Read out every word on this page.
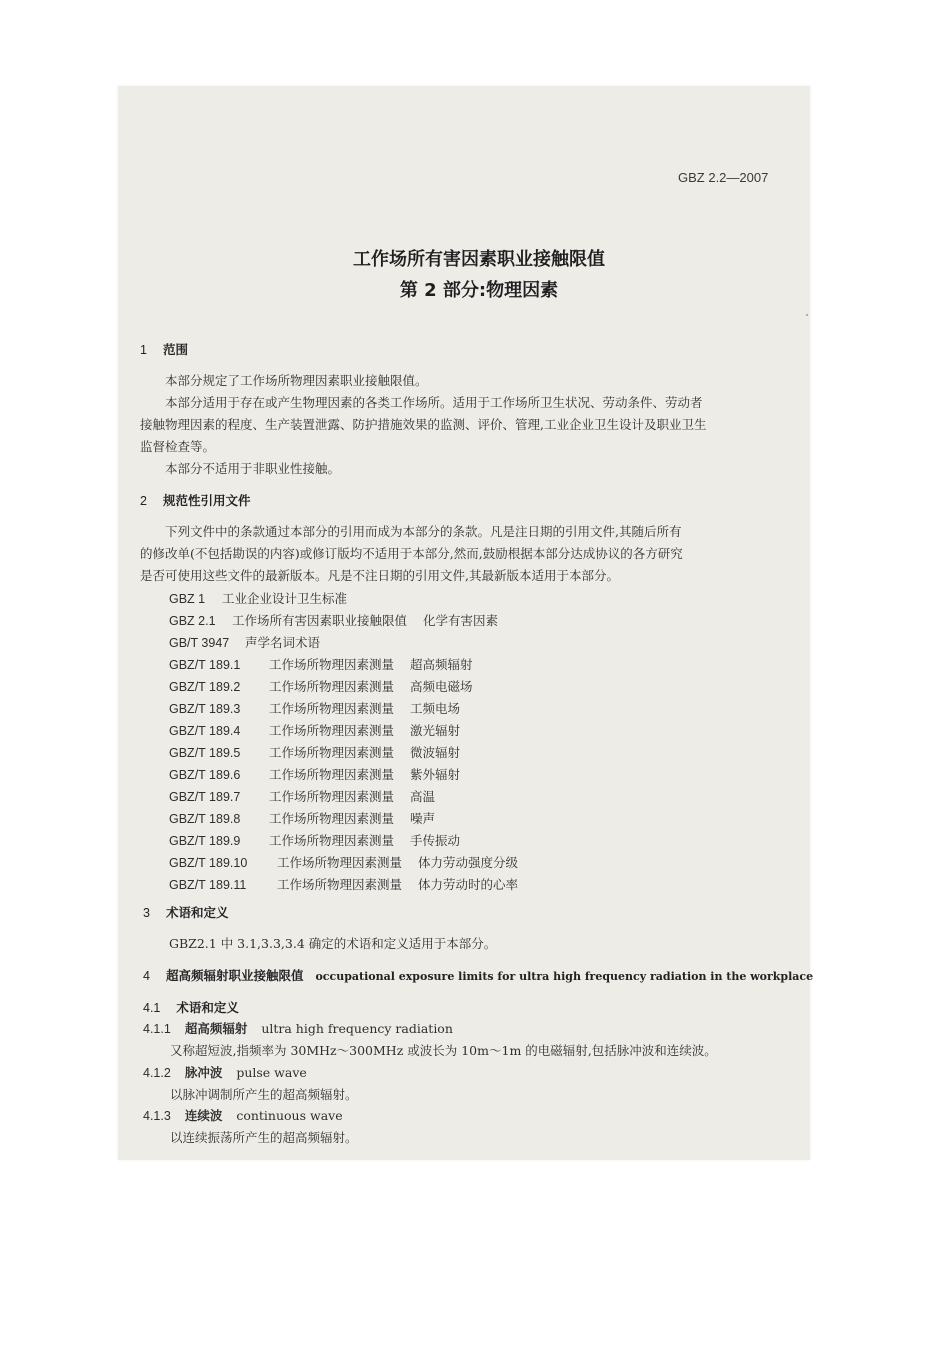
GBZ 2.2—2007
工作场所有害因素职业接触限值
第 2 部分:物理因素
1 范围
本部分规定了工作场所物理因素职业接触限值。
本部分适用于存在或产生物理因素的各类工作场所。适用于工作场所卫生状况、劳动条件、劳动者
接触物理因素的程度、生产装置泄露、防护措施效果的监测、评价、管理,工业企业卫生设计及职业卫生
监督检查等。
本部分不适用于非职业性接触。
2 规范性引用文件
下列文件中的条款通过本部分的引用而成为本部分的条款。凡是注日期的引用文件,其随后所有
的修改单(不包括勘误的内容)或修订版均不适用于本部分,然而,鼓励根据本部分达成协议的各方研究
是否可使用这些文件的最新版本。凡是不注日期的引用文件,其最新版本适用于本部分。
GBZ 1 工业企业设计卫生标准
GBZ 2.1 工作场所有害因素职业接触限值 化学有害因素
GB/T 3947 声学名词术语
GBZ/T 189.1 工作场所物理因素测量 超高频辐射
GBZ/T 189.2 工作场所物理因素测量 高频电磁场
GBZ/T 189.3 工作场所物理因素测量 工频电场
GBZ/T 189.4 工作场所物理因素测量 激光辐射
GBZ/T 189.5 工作场所物理因素测量 微波辐射
GBZ/T 189.6 工作场所物理因素测量 紫外辐射
GBZ/T 189.7 工作场所物理因素测量 高温
GBZ/T 189.8 工作场所物理因素测量 噪声
GBZ/T 189.9 工作场所物理因素测量 手传振动
GBZ/T 189.10 工作场所物理因素测量 体力劳动强度分级
GBZ/T 189.11 工作场所物理因素测量 体力劳动时的心率
3 术语和定义
GBZ2.1 中 3.1,3.3,3.4 确定的术语和定义适用于本部分。
4 超高频辐射职业接触限值 occupational exposure limits for ultra high frequency radiation in the workplace
4.1 术语和定义
4.1.1 超高频辐射 ultra high frequency radiation
又称超短波,指频率为 30MHz～300MHz 或波长为 10m～1m 的电磁辐射,包括脉冲波和连续波。
4.1.2 脉冲波 pulse wave
以脉冲调制所产生的超高频辐射。
4.1.3 连续波 continuous wave
以连续振荡所产生的超高频辐射。
